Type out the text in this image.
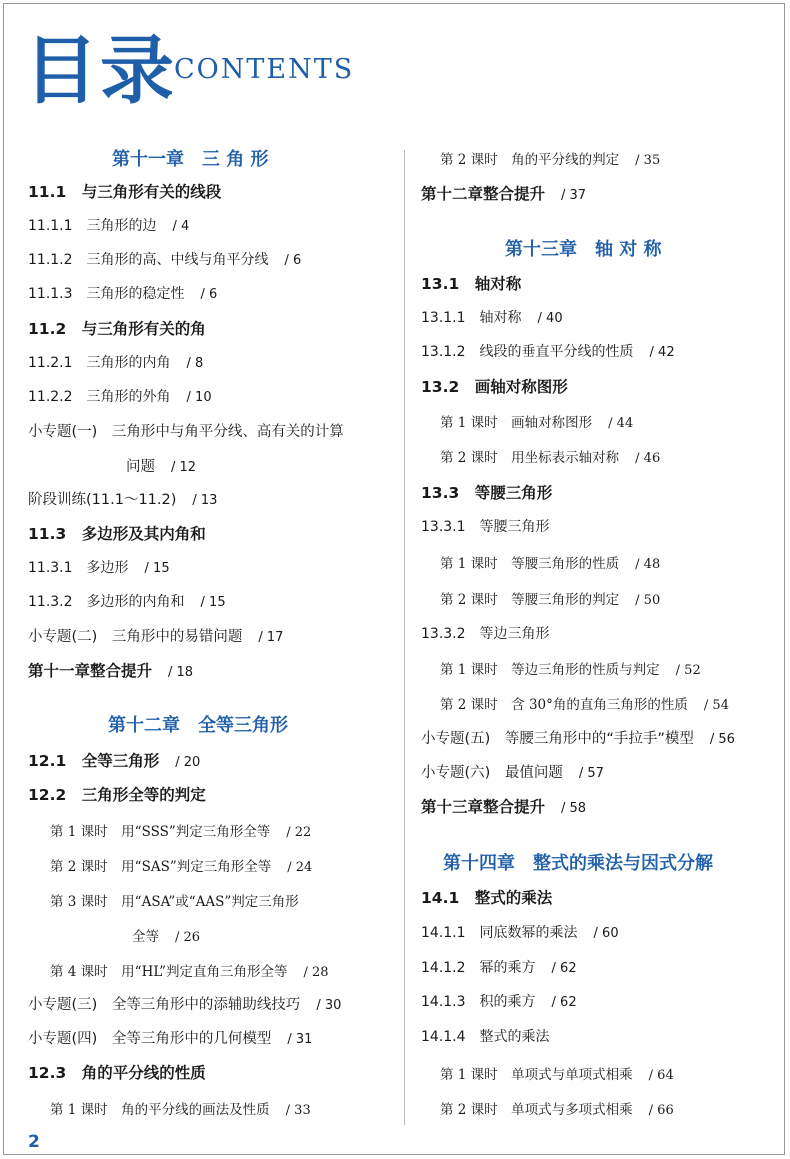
目录
CONTENTS
第十一章　三 角 形
11.1　与三角形有关的线段
11.1.1　三角形的边 / 4
11.1.2　三角形的高、中线与角平分线 / 6
11.1.3　三角形的稳定性 / 6
11.2　与三角形有关的角
11.2.1　三角形的内角 / 8
11.2.2　三角形的外角 / 10
小专题(一)　三角形中与角平分线、高有关的计算
问题 / 12
阶段训练(11.1～11.2) / 13
11.3　多边形及其内角和
11.3.1　多边形 / 15
11.3.2　多边形的内角和 / 15
小专题(二)　三角形中的易错问题 / 17
第十一章整合提升 / 18
第十二章　全等三角形
12.1　全等三角形 / 20
12.2　三角形全等的判定
第 1 课时　用“SSS”判定三角形全等 / 22
第 2 课时　用“SAS”判定三角形全等 / 24
第 3 课时　用“ASA”或“AAS”判定三角形
全等 / 26
第 4 课时　用“HL”判定直角三角形全等 / 28
小专题(三)　全等三角形中的添辅助线技巧 / 30
小专题(四)　全等三角形中的几何模型 / 31
12.3　角的平分线的性质
第 1 课时　角的平分线的画法及性质 / 33
第 2 课时　角的平分线的判定 / 35
第十二章整合提升 / 37
第十三章　轴 对 称
13.1　轴对称
13.1.1　轴对称 / 40
13.1.2　线段的垂直平分线的性质 / 42
13.2　画轴对称图形
第 1 课时　画轴对称图形 / 44
第 2 课时　用坐标表示轴对称 / 46
13.3　等腰三角形
13.3.1　等腰三角形
第 1 课时　等腰三角形的性质 / 48
第 2 课时　等腰三角形的判定 / 50
13.3.2　等边三角形
第 1 课时　等边三角形的性质与判定 / 52
第 2 课时　含 30°角的直角三角形的性质 / 54
小专题(五)　等腰三角形中的“手拉手”模型 / 56
小专题(六)　最值问题 / 57
第十三章整合提升 / 58
第十四章　整式的乘法与因式分解
14.1　整式的乘法
14.1.1　同底数幂的乘法 / 60
14.1.2　幂的乘方 / 62
14.1.3　积的乘方 / 62
14.1.4　整式的乘法
第 1 课时　单项式与单项式相乘 / 64
第 2 课时　单项式与多项式相乘 / 66
2
